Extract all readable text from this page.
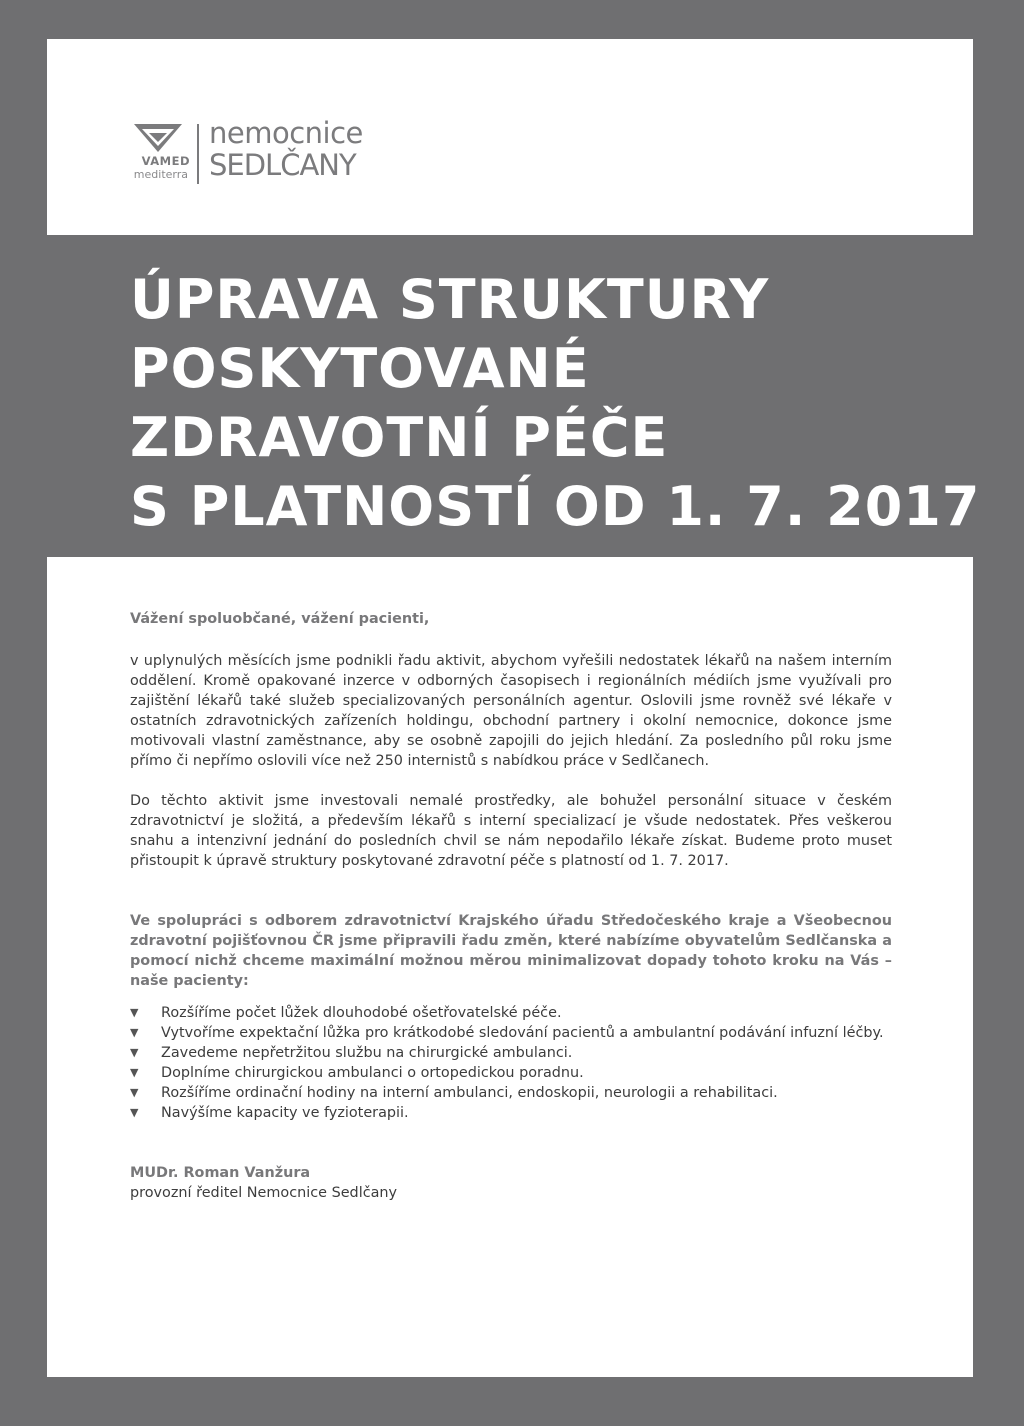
VAMED
mediterra
nemocnice
SEDLČANY
ÚPRAVA STRUKTURY
POSKYTOVANÉ
ZDRAVOTNÍ PÉČE
S PLATNOSTÍ OD 1. 7. 2017

Vážení spoluobčané, vážení pacienti,

v uplynulých měsících jsme podnikli řadu aktivit, abychom vyřešili nedostatek lékařů na našem interním oddělení. Kromě opakované inzerce v odborných časopisech i regionálních médiích jsme využívali pro zajištění lékařů také služeb specializovaných personálních agentur. Oslovili jsme rovněž své lékaře v ostatních zdravotnických zařízeních holdingu, obchodní partnery i okolní nemocnice, dokonce jsme motivovali vlastní zaměstnance, aby se osobně zapojili do jejich hledání. Za posledního půl roku jsme přímo či nepřímo oslovili více než 250 internistů s nabídkou práce v Sedlčanech.

Do těchto aktivit jsme investovali nemalé prostředky, ale bohužel personální situace v českém zdravotnictví je složitá, a především lékařů s interní specializací je všude nedostatek. Přes veškerou snahu a intenzivní jednání do posledních chvil se nám nepodařilo lékaře získat. Budeme proto muset přistoupit k úpravě struktury poskytované zdravotní péče s platností od 1. 7. 2017.

Ve spolupráci s odborem zdravotnictví Krajského úřadu Středočeského kraje a Všeobecnou zdravotní pojišťovnou ČR jsme připravili řadu změn, které nabízíme obyvatelům Sedlčanska a pomocí nichž chceme maximální možnou měrou minimalizovat dopady tohoto kroku na Vás – naše pacienty:

▼ Rozšíříme počet lůžek dlouhodobé ošetřovatelské péče.
▼ Vytvoříme expektační lůžka pro krátkodobé sledování pacientů a ambulantní podávání infuzní léčby.
▼ Zavedeme nepřetržitou službu na chirurgické ambulanci.
▼ Doplníme chirurgickou ambulanci o ortopedickou poradnu.
▼ Rozšíříme ordinační hodiny na interní ambulanci, endoskopii, neurologii a rehabilitaci.
▼ Navýšíme kapacity ve fyzioterapii.
MUDr. Roman Vanžura
provozní ředitel Nemocnice Sedlčany
